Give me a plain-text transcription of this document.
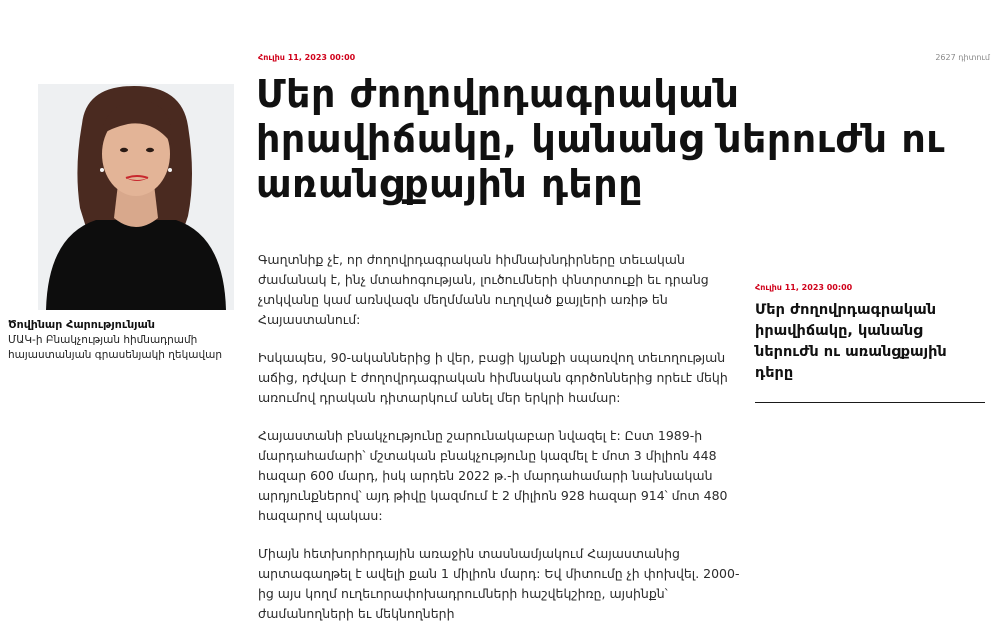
Ծովինար Հարությունյան
ՄԱԿ-ի Բնակչության հիմնադրամի հայաստանյան գրասենյակի ղեկավար
Հուլիս 11, 2023 00:00	2627 դիտում
Մեր ժողովրդագրական իրավիճակը, կանանց ներուժն ու առանցքային դերը

Գաղտնիք չէ, որ ժողովրդագրական հիմնախնդիրները տեւական ժամանակ է, ինչ մտահոգության, լուծումների փնտրտուքի եւ դրանց չտկվանը կամ առնվազն մեղմմանն ուղղված քայլերի առիթ են Հայաստանում:

Իսկապես, 90-ականներից ի վեր, բացի կյանքի սպառվող տեւողության աճից, դժվար է ժողովրդագրական հիմնական գործոններից որեւէ մեկի առումով դրական դիտարկում անել մեր երկրի համար:

Հայաստանի բնակչությունը շարունակաբար նվազել է: Ըստ 1989-ի մարդահամարի՝ մշտական բնակչությունը կազմել է մոտ 3 միլիոն 448 հազար 600 մարդ, իսկ արդեն 2022 թ.-ի մարդահամարի նախնական արդյունքներով՝ այդ թիվը կազմում է 2 միլիոն 928 հազար 914՝ մոտ 480 հազարով պակաս:

Միայն հետխորհրդային առաջին տասնամյակում Հայաստանից արտագաղթել է ավելի քան 1 միլիոն մարդ: Եվ միտումը չի փոխվել. 2000-ից այս կողմ ուղեւորափոխադրումների հաշվեկշիռը, այսինքն՝ ժամանողների եւ մեկնողների

Հուլիս 11, 2023 00:00
Մեր ժողովրդագրական իրավիճակը, կանանց ներուժն ու առանցքային դերը
